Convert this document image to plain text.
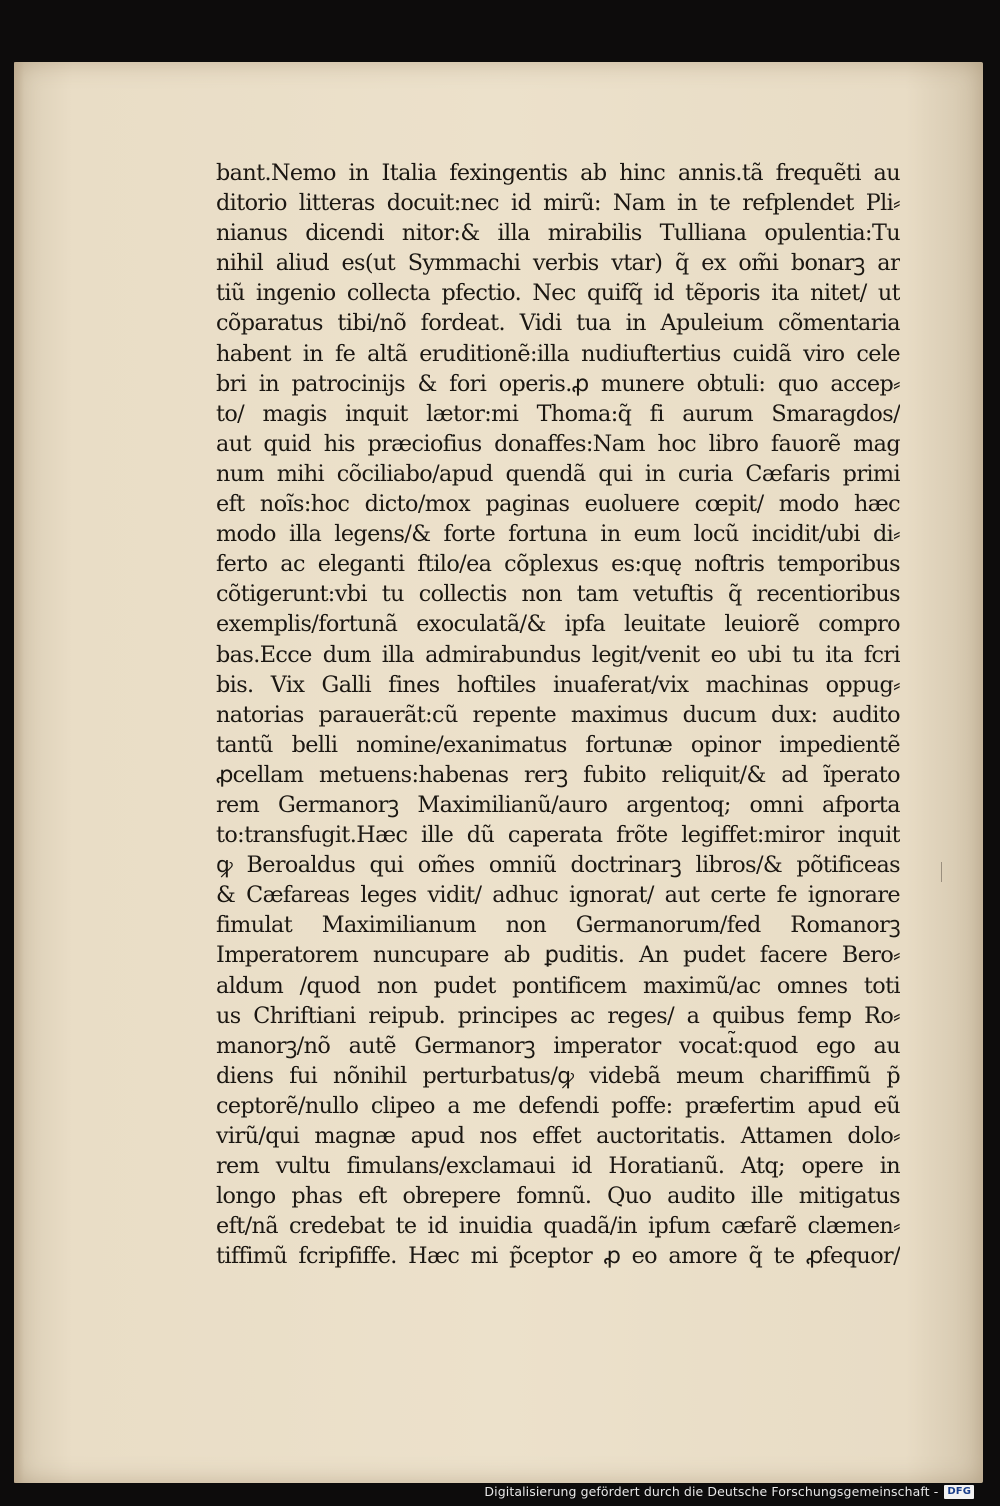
bant.Nemo in Italia fexingentis ab hinc annis.tã frequẽti au
ditorio litteras docuit:nec id mirũ: Nam in te refplendet Pli⸗
nianus dicendi nitor:& illa mirabilis Tulliana opulentia:Tu
nihil aliud es(ut Symmachi verbis vtar) q̃ ex om̃i bonarꝫ ar
tiũ ingenio collecta pfectio. Nec quifq̃ id tẽporis ita nitet/ ut
cõparatus tibi/nõ fordeat. Vidi tua in Apuleium cõmentaria
habent in fe altã eruditionẽ:illa nudiuftertius cuidã viro cele
bri in patrocinijs & fori operis.ꝓ munere obtuli: quo accep⸗
to/ magis inquit lætor:mi Thoma:q̃ fi aurum Smaragdos/
aut quid his præciofius donaffes:Nam hoc libro fauorẽ mag
num mihi cõciliabo/apud quendã qui in curia Cæfaris primi
eft noĩs:hoc dicto/mox paginas euoluere cœpit/ modo hæc
modo illa legens/& forte fortuna in eum locũ incidit/ubi di⸗
ferto ac eleganti ftilo/ea cõplexus es:quę noftris temporibus
cõtigerunt:vbi tu collectis non tam vetuftis q̃ recentioribus
exemplis/fortunã exoculatã/& ipfa leuitate leuiorẽ compro
bas.Ecce dum illa admirabundus legit/venit eo ubi tu ita fcri
bis. Vix Galli fines hoftiles inuaferat/vix machinas oppug⸗
natorias parauerãt:cũ repente maximus ducum dux: audito
tantũ belli nomine/exanimatus fortunæ opinor impedientẽ
ꝓcellam metuens:habenas rerꝫ fubito reliquit/& ad ĩperato
rem Germanorꝫ Maximilianũ/auro argentoq; omni afporta
to:transfugit.Hæc ille dũ caperata frõte legiffet:miror inquit
ꝙ Beroaldus qui om̃es omniũ doctrinarꝫ libros/& põtificeas
& Cæfareas leges vidit/ adhuc ignorat/ aut certe fe ignorare
fimulat Maximilianum non Germanorum/fed Romanorꝫ
Imperatorem nuncupare ab ꝑuditis. An pudet facere Bero⸗
aldum /quod non pudet pontificem maximũ/ac omnes toti
us Chriftiani reipub. principes ac reges/ a quibus femp Ro⸗
manorꝫ/nõ autẽ Germanorꝫ imperator vocat̃:quod ego au
diens fui nõnihil perturbatus/ꝙ videbã meum chariffimũ p̃
ceptorẽ/nullo clipeo a me defendi poffe: præfertim apud eũ
virũ/qui magnæ apud nos effet auctoritatis. Attamen dolo⸗
rem vultu fimulans/exclamaui id Horatianũ. Atq; opere in
longo phas eft obrepere fomnũ. Quo audito ille mitigatus
eft/nã credebat te id inuidia quadã/in ipfum cæfarẽ clæmen⸗
tiffimũ fcripfiffe. Hæc mi p̃ceptor ꝓ eo amore q̃ te ꝓfequor/
Digitalisierung gefördert durch die Deutsche Forschungsgemeinschaft - DFG
